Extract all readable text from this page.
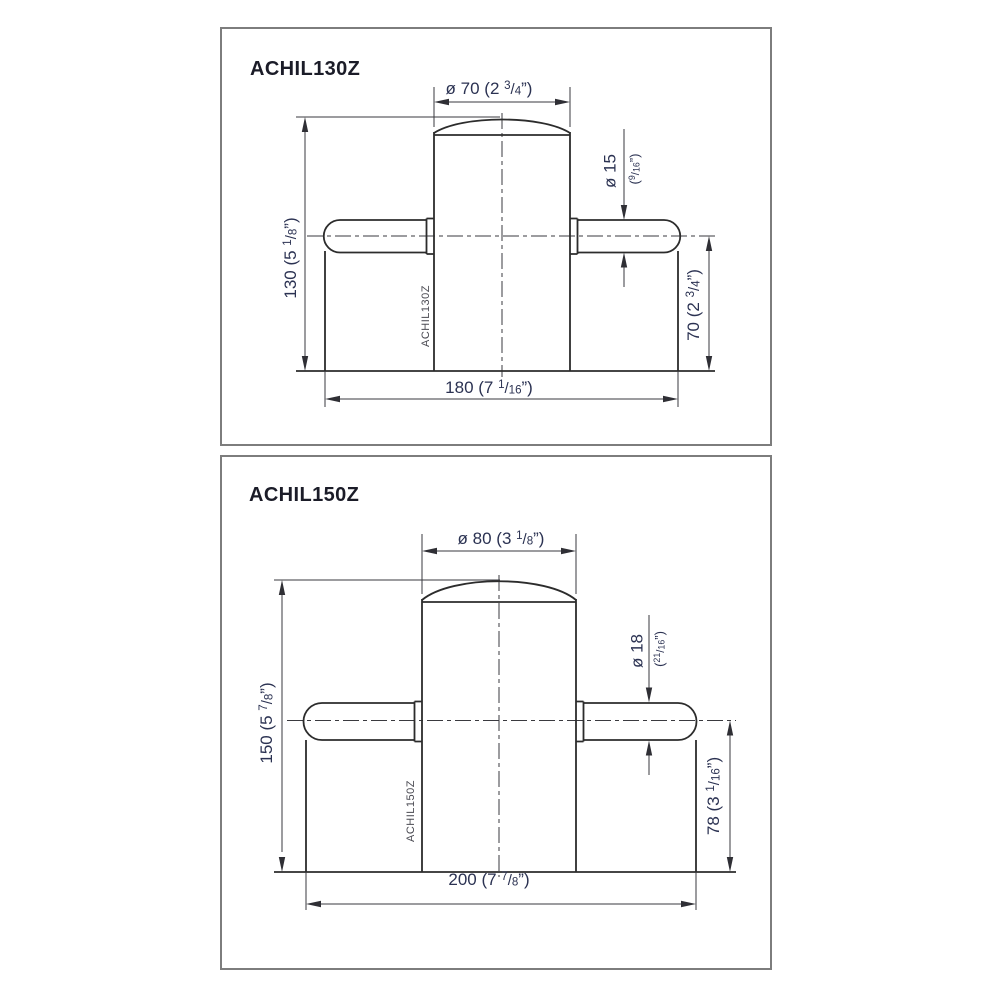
ACHIL130Z
ø 70 (2 $^3$/4”)
130 (5 $^1$/8”)
ø 15 ($^9$/16”)
70 (2 $^3$/4”)
180 (7 $^1$/16”)
ACHIL130Z
ACHIL150Z
ø 80 (3 $^1$/8”)
150 (5 $^7$/8”)
ø 18 ($^{21}$/16”)
78 (3 $^1$/16”)
200 (7 $^7$/8”)
ACHIL150Z
